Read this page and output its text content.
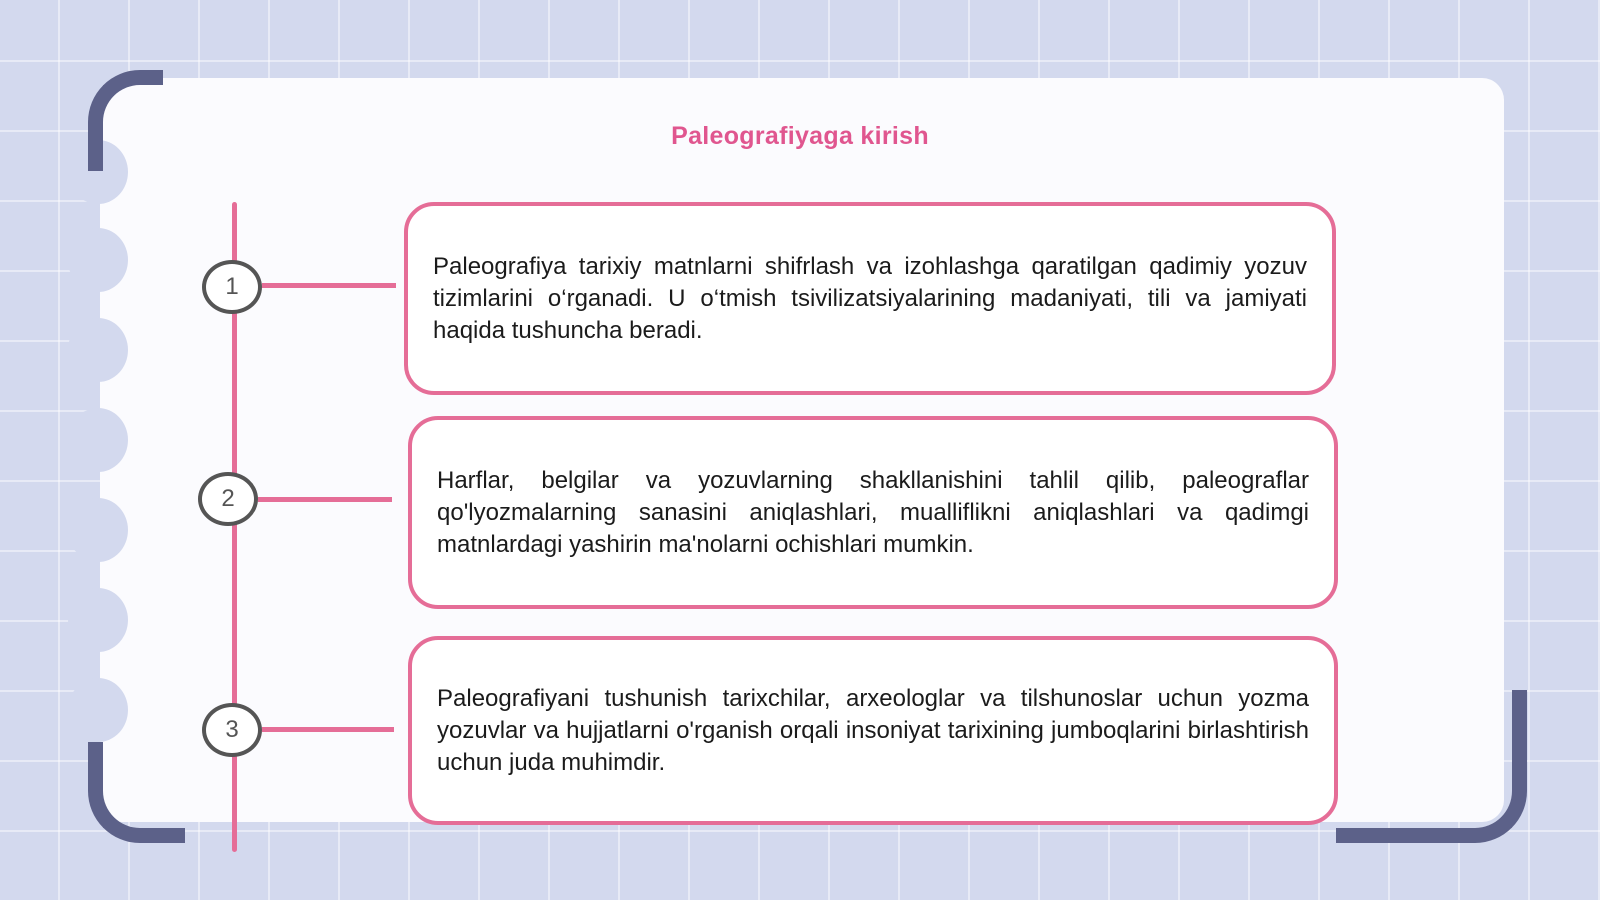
Paleografiyaga kirish
1
2
3

Paleografiya tarixiy matnlarni shifrlash va izohlashga qaratilgan qadimiy yozuv tizimlarini o‘rganadi. U o‘tmish tsivilizatsiyalarining madaniyati, tili va jamiyati haqida tushuncha beradi.

Harflar, belgilar va yozuvlarning shakllanishini tahlil qilib, paleograflar qo'lyozmalarning sanasini aniqlashlari, mualliflikni aniqlashlari va qadimgi matnlardagi yashirin ma'nolarni ochishlari mumkin.

Paleografiyani tushunish tarixchilar, arxeologlar va tilshunoslar uchun yozma yozuvlar va hujjatlarni o'rganish orqali insoniyat tarixining jumboqlarini birlashtirish uchun juda muhimdir.
